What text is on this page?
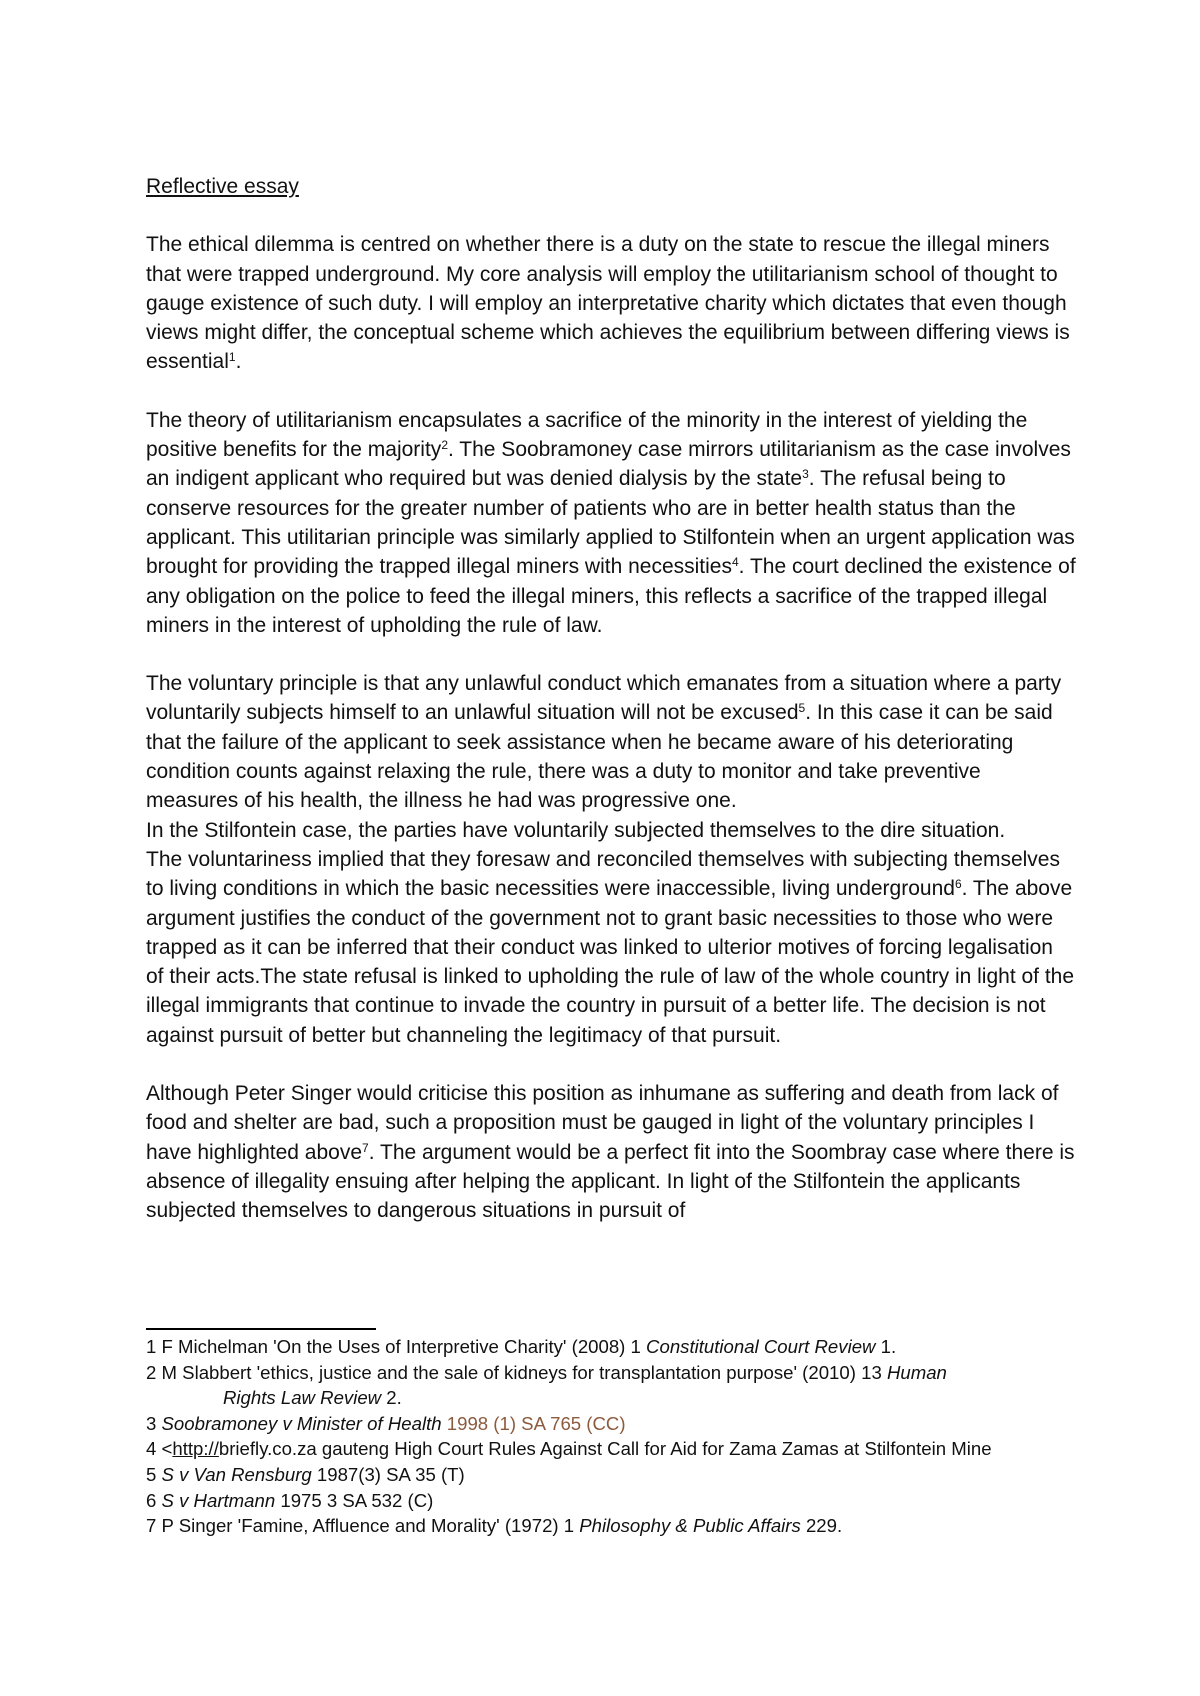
Reflective essay

The ethical dilemma is centred on whether there is a duty on the state to rescue the illegal miners that were trapped underground. My core analysis will employ the utilitarianism school of thought to gauge existence of such duty. I will employ an interpretative charity which dictates that even though views might differ, the conceptual scheme which achieves the equilibrium between differing views is essential$^1$.

The theory of utilitarianism encapsulates a sacrifice of the minority in the interest of yielding the positive benefits for the majority$^2$. The Soobramoney case mirrors utilitarianism as the case involves an indigent applicant who required but was denied dialysis by the state$^3$. The refusal being to conserve resources for the greater number of patients who are in better health status than the applicant. This utilitarian principle was similarly applied to Stilfontein when an urgent application was brought for providing the trapped illegal miners with necessities$^4$. The court declined the existence of any obligation on the police to feed the illegal miners, this reflects a sacrifice of the trapped illegal miners in the interest of upholding the rule of law.

The voluntary principle is that any unlawful conduct which emanates from a situation where a party voluntarily subjects himself to an unlawful situation will not be excused$^5$. In this case it can be said that the failure of the applicant to seek assistance when he became aware of his deteriorating condition counts against relaxing the rule, there was a duty to monitor and take preventive measures of his health, the illness he had was progressive one.

In the Stilfontein case, the parties have voluntarily subjected themselves to the dire situation.

The voluntariness implied that they foresaw and reconciled themselves with subjecting themselves to living conditions in which the basic necessities were inaccessible, living underground$^6$. The above argument justifies the conduct of the government not to grant basic necessities to those who were trapped as it can be inferred that their conduct was linked to ulterior motives of forcing legalisation of their acts.The state refusal is linked to upholding the rule of law of the whole country in light of the illegal immigrants that continue to invade the country in pursuit of a better life. The decision is not against pursuit of better but channeling the legitimacy of that pursuit.

Although Peter Singer would criticise this position as inhumane as suffering and death from lack of food and shelter are bad, such a proposition must be gauged in light of the voluntary principles I have highlighted above$^7$. The argument would be a perfect fit into the Soombray case where there is absence of illegality ensuing after helping the applicant. In light of the Stilfontein the applicants subjected themselves to dangerous situations in pursuit of

1 F Michelman 'On the Uses of Interpretive Charity' (2008) 1 Constitutional Court Review 1.

2 M Slabbert 'ethics, justice and the sale of kidneys for transplantation purpose' (2010) 13 Human
Rights Law Review 2.

3 Soobramoney v Minister of Health 1998 (1) SA 765 (CC)

4 <http://briefly.co.za gauteng High Court Rules Against Call for Aid for Zama Zamas at Stilfontein Mine

5 S v Van Rensburg 1987(3) SA 35 (T)

6 S v Hartmann 1975 3 SA 532 (C)

7 P Singer 'Famine, Affluence and Morality' (1972) 1 Philosophy & Public Affairs 229.
